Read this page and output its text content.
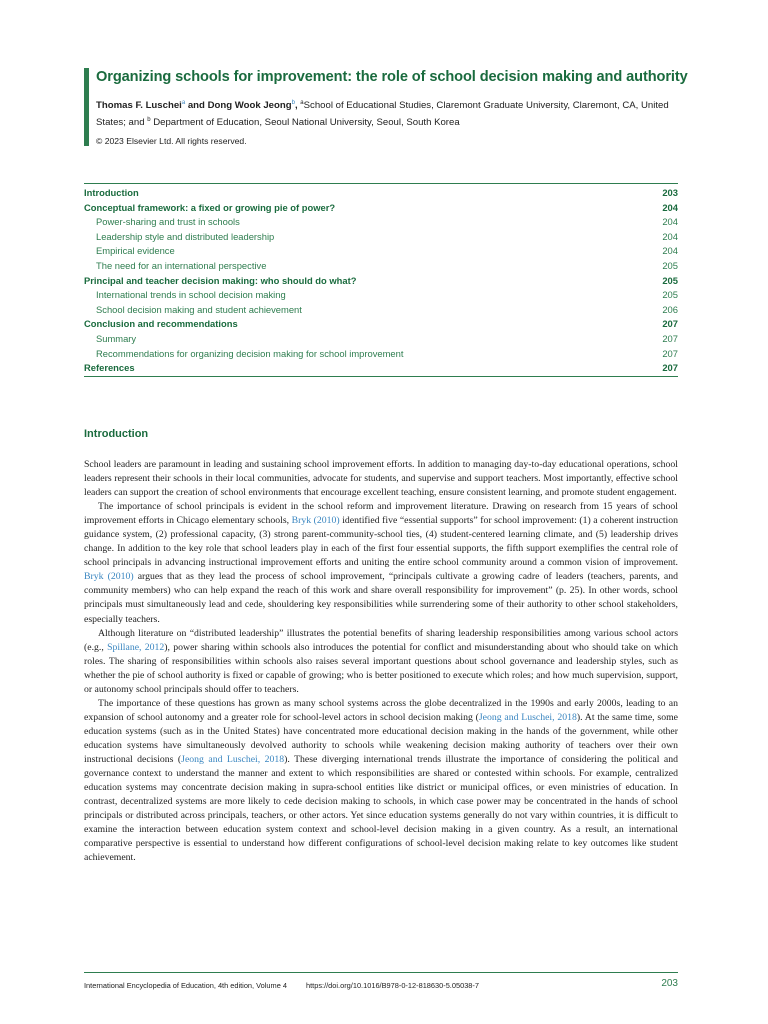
Organizing schools for improvement: the role of school decision making and authority
Thomas F. Luschei$^a$ and Dong Wook Jeong$^b$, $^a$School of Educational Studies, Claremont Graduate University, Claremont, CA, United States; and $^b$ Department of Education, Seoul National University, Seoul, South Korea
© 2023 Elsevier Ltd. All rights reserved.
Introduction	203
Conceptual framework: a fixed or growing pie of power?	204
Power-sharing and trust in schools	204
Leadership style and distributed leadership	204
Empirical evidence	204
The need for an international perspective	205
Principal and teacher decision making: who should do what?	205
International trends in school decision making	205
School decision making and student achievement	206
Conclusion and recommendations	207
Summary	207
Recommendations for organizing decision making for school improvement	207
References	207
Introduction

School leaders are paramount in leading and sustaining school improvement efforts. In addition to managing day-to-day educational operations, school leaders represent their schools in their local communities, advocate for students, and supervise and support teachers. Most importantly, effective school leaders can support the creation of school environments that encourage excellent teaching, ensure consistent learning, and promote student engagement.

The importance of school principals is evident in the school reform and improvement literature. Drawing on research from 15 years of school improvement efforts in Chicago elementary schools, Bryk (2010) identified five “essential supports” for school improvement: (1) a coherent instruction guidance system, (2) professional capacity, (3) strong parent-community-school ties, (4) student-centered learning climate, and (5) leadership drives change. In addition to the key role that school leaders play in each of the first four essential supports, the fifth support exemplifies the central role of school principals in advancing instructional improvement efforts and uniting the entire school community around a common vision of improvement. Bryk (2010) argues that as they lead the process of school improvement, “principals cultivate a growing cadre of leaders (teachers, parents, and community members) who can help expand the reach of this work and share overall responsibility for improvement” (p. 25). In other words, school principals must simultaneously lead and cede, shouldering key responsibilities while surrendering some of their authority to other school stakeholders, especially teachers.

Although literature on “distributed leadership” illustrates the potential benefits of sharing leadership responsibilities among various school actors (e.g., Spillane, 2012), power sharing within schools also introduces the potential for conflict and misunderstanding about who should take on which roles. The sharing of responsibilities within schools also raises several important questions about school governance and leadership styles, such as whether the pie of school authority is fixed or capable of growing; who is better positioned to execute which roles; and how much supervision, support, or autonomy school principals should offer to teachers.

The importance of these questions has grown as many school systems across the globe decentralized in the 1990s and early 2000s, leading to an expansion of school autonomy and a greater role for school-level actors in school decision making (Jeong and Luschei, 2018). At the same time, some education systems (such as in the United States) have concentrated more educational decision making in the hands of the government, while other education systems have simultaneously devolved authority to schools while weakening decision making authority of teachers over their own instructional decisions (Jeong and Luschei, 2018). These diverging international trends illustrate the importance of considering the political and governance context to understand the manner and extent to which responsibilities are shared or contested within schools. For example, centralized education systems may concentrate decision making in supra-school entities like district or municipal offices, or even ministries of education. In contrast, decentralized systems are more likely to cede decision making to schools, in which case power may be concentrated in the hands of school principals or distributed across principals, teachers, or other actors. Yet since education systems generally do not vary within countries, it is difficult to examine the interaction between education system context and school-level decision making in a given country. As a result, an international comparative perspective is essential to understand how different configurations of school-level decision making relate to key outcomes like student achievement.

International Encyclopedia of Education, 4th edition, Volume 4	https://doi.org/10.1016/B978-0-12-818630-5.05038-7	203
